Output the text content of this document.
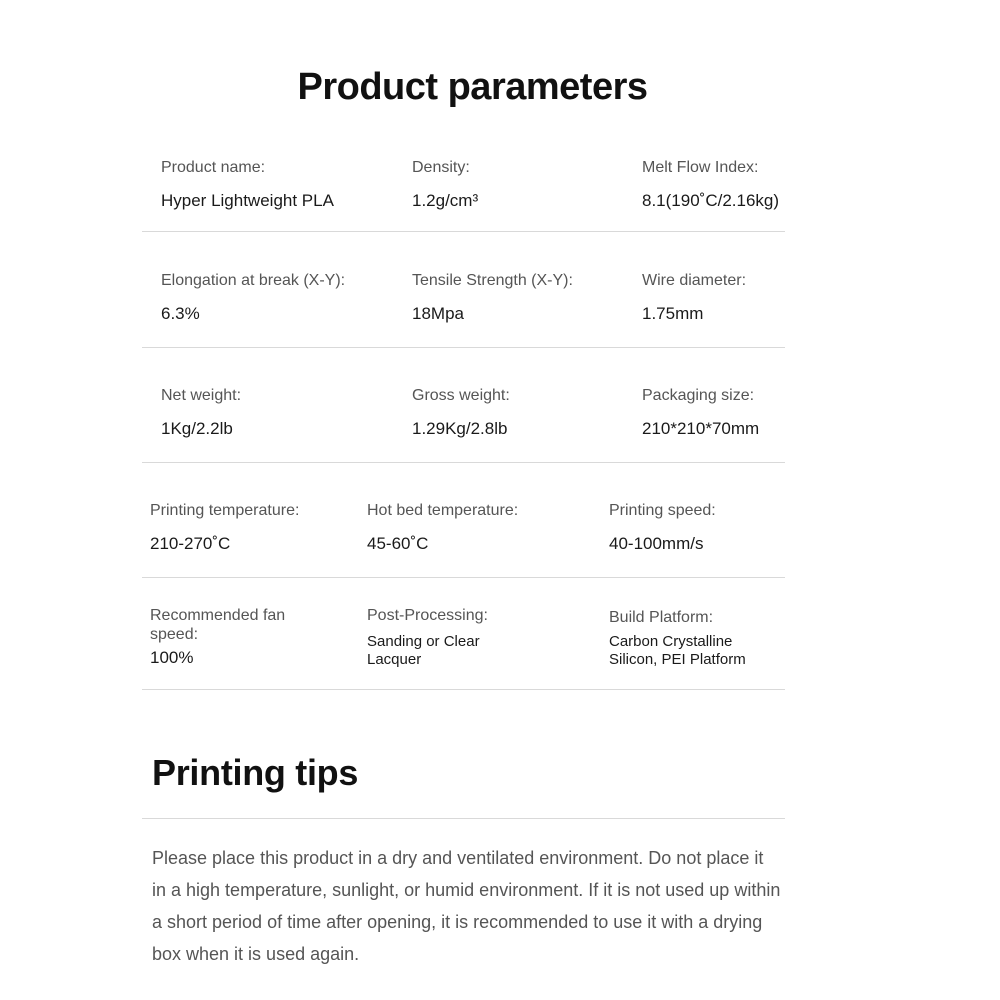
Product parameters
Product name:
Hyper Lightweight PLA
Density:
1.2g/cm³
Melt Flow Index:
8.1(190˚C/2.16kg)
Elongation at break (X-Y):
6.3%
Tensile Strength (X-Y):
18Mpa
Wire diameter:
1.75mm
Net weight:
1Kg/2.2lb
Gross weight:
1.29Kg/2.8lb
Packaging size:
210*210*70mm
Printing temperature:
210-270˚C
Hot bed temperature:
45-60˚C
Printing speed:
40-100mm/s
Recommended fan speed:
100%
Post-Processing:
Sanding or Clear Lacquer
Build Platform:
Carbon Crystalline Silicon, PEI Platform
Printing tips

Please place this product in a dry and ventilated environment. Do not place it in a high temperature, sunlight, or humid environment. If it is not used up within a short period of time after opening, it is recommended to use it with a drying box when it is used again.
